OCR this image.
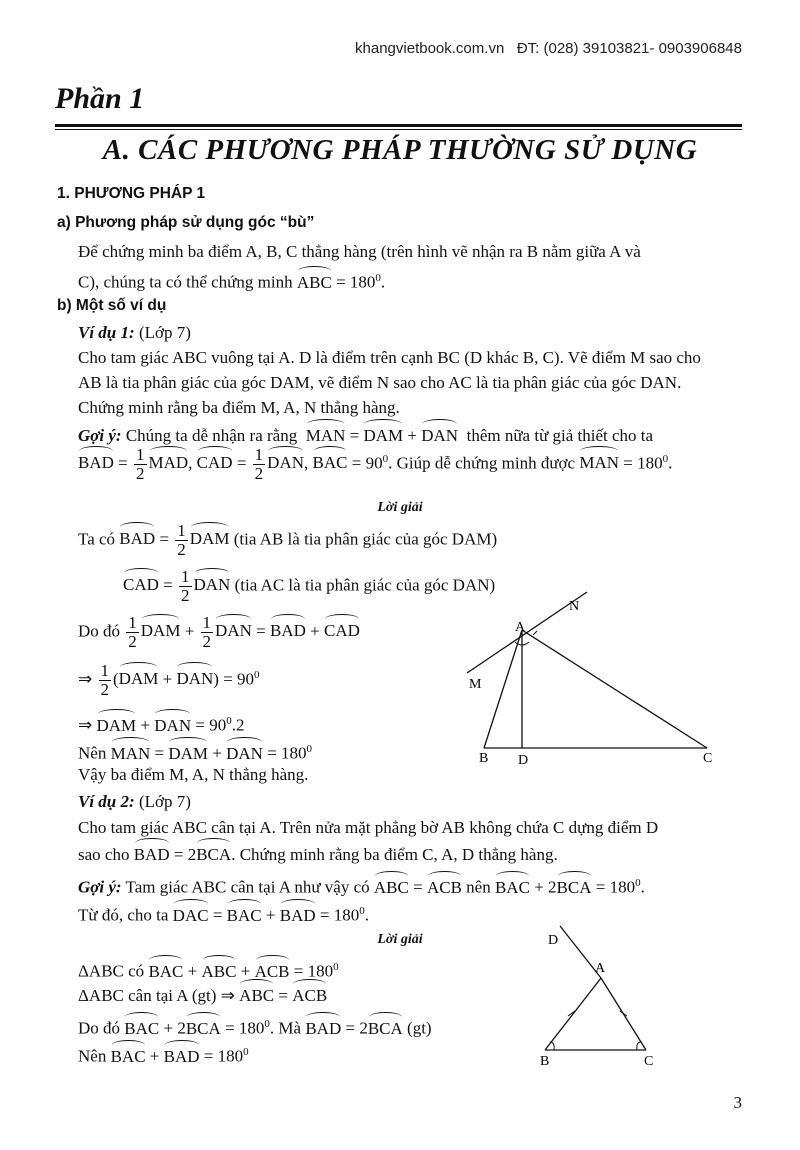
khangvietbook.com.vn ĐT: (028) 39103821- 0903906848
Phần 1
A. CÁC PHƯƠNG PHÁP THƯỜNG SỬ DỤNG
1. PHƯƠNG PHÁP 1
a) Phương pháp sử dụng góc “bù”
Để chứng minh ba điểm A, B, C thẳng hàng (trên hình vẽ nhận ra B nằm giữa A và
C), chúng ta có thể chứng minh ABC = $180^0$.
b) Một số ví dụ
Ví dụ 1: (Lớp 7)
Cho tam giác ABC vuông tại A. D là điểm trên cạnh BC (D khác B, C). Vẽ điểm M sao cho
AB là tia phân giác của góc DAM, vẽ điểm N sao cho AC là tia phân giác của góc DAN.
Chứng minh rằng ba điểm M, A, N thẳng hàng.
Gợi ý: Chúng ta dễ nhận ra rằng MAN = DAM + DAN thêm nữa từ giả thiết cho ta
BAD = $\frac{1}{2}$ MAD, CAD = $\frac{1}{2}$ DAN, BAC = $90^0$. Giúp dễ chứng minh được MAN = $180^0$.
Lời giải
Ta có BAD = $\frac{1}{2}$ DAM (tia AB là tia phân giác của góc DAM)
CAD = $\frac{1}{2}$ DAN (tia AC là tia phân giác của góc DAN)
Do đó $\frac{1}{2}$ DAM + $\frac{1}{2}$ DAN = BAD + CAD
⇒ $\frac{1}{2} (DAM + DAN) = 90^0$
⇒ DAM + DAN = $90^0.2$
Nên MAN = DAM + DAN = $180^0$
Vậy ba điểm M, A, N thẳng hàng.
A
B	C
D
M
N
Ví dụ 2: (Lớp 7)
Cho tam giác ABC cân tại A. Trên nửa mặt phẳng bờ AB không chứa C dựng điểm D
sao cho BAD = 2BCA. Chứng minh rằng ba điểm C, A, D thẳng hàng.
Gợi ý: Tam giác ABC cân tại A như vậy có ABC = ACB nên BAC + $2BCA = 180^0$.
Từ đó, cho ta DAC = BAC + BAD = $180^0$.
Lời giải
ΔABC có BAC + ABC + ACB = $180^0$
ΔABC cân tại A (gt) ⇒ ABC = ACB
Do đó BAC + $2BCA = 180^0$. Mà BAD = 2BCA (gt)
Nên BAC + BAD = $180^0$
D
A
B	C
3
